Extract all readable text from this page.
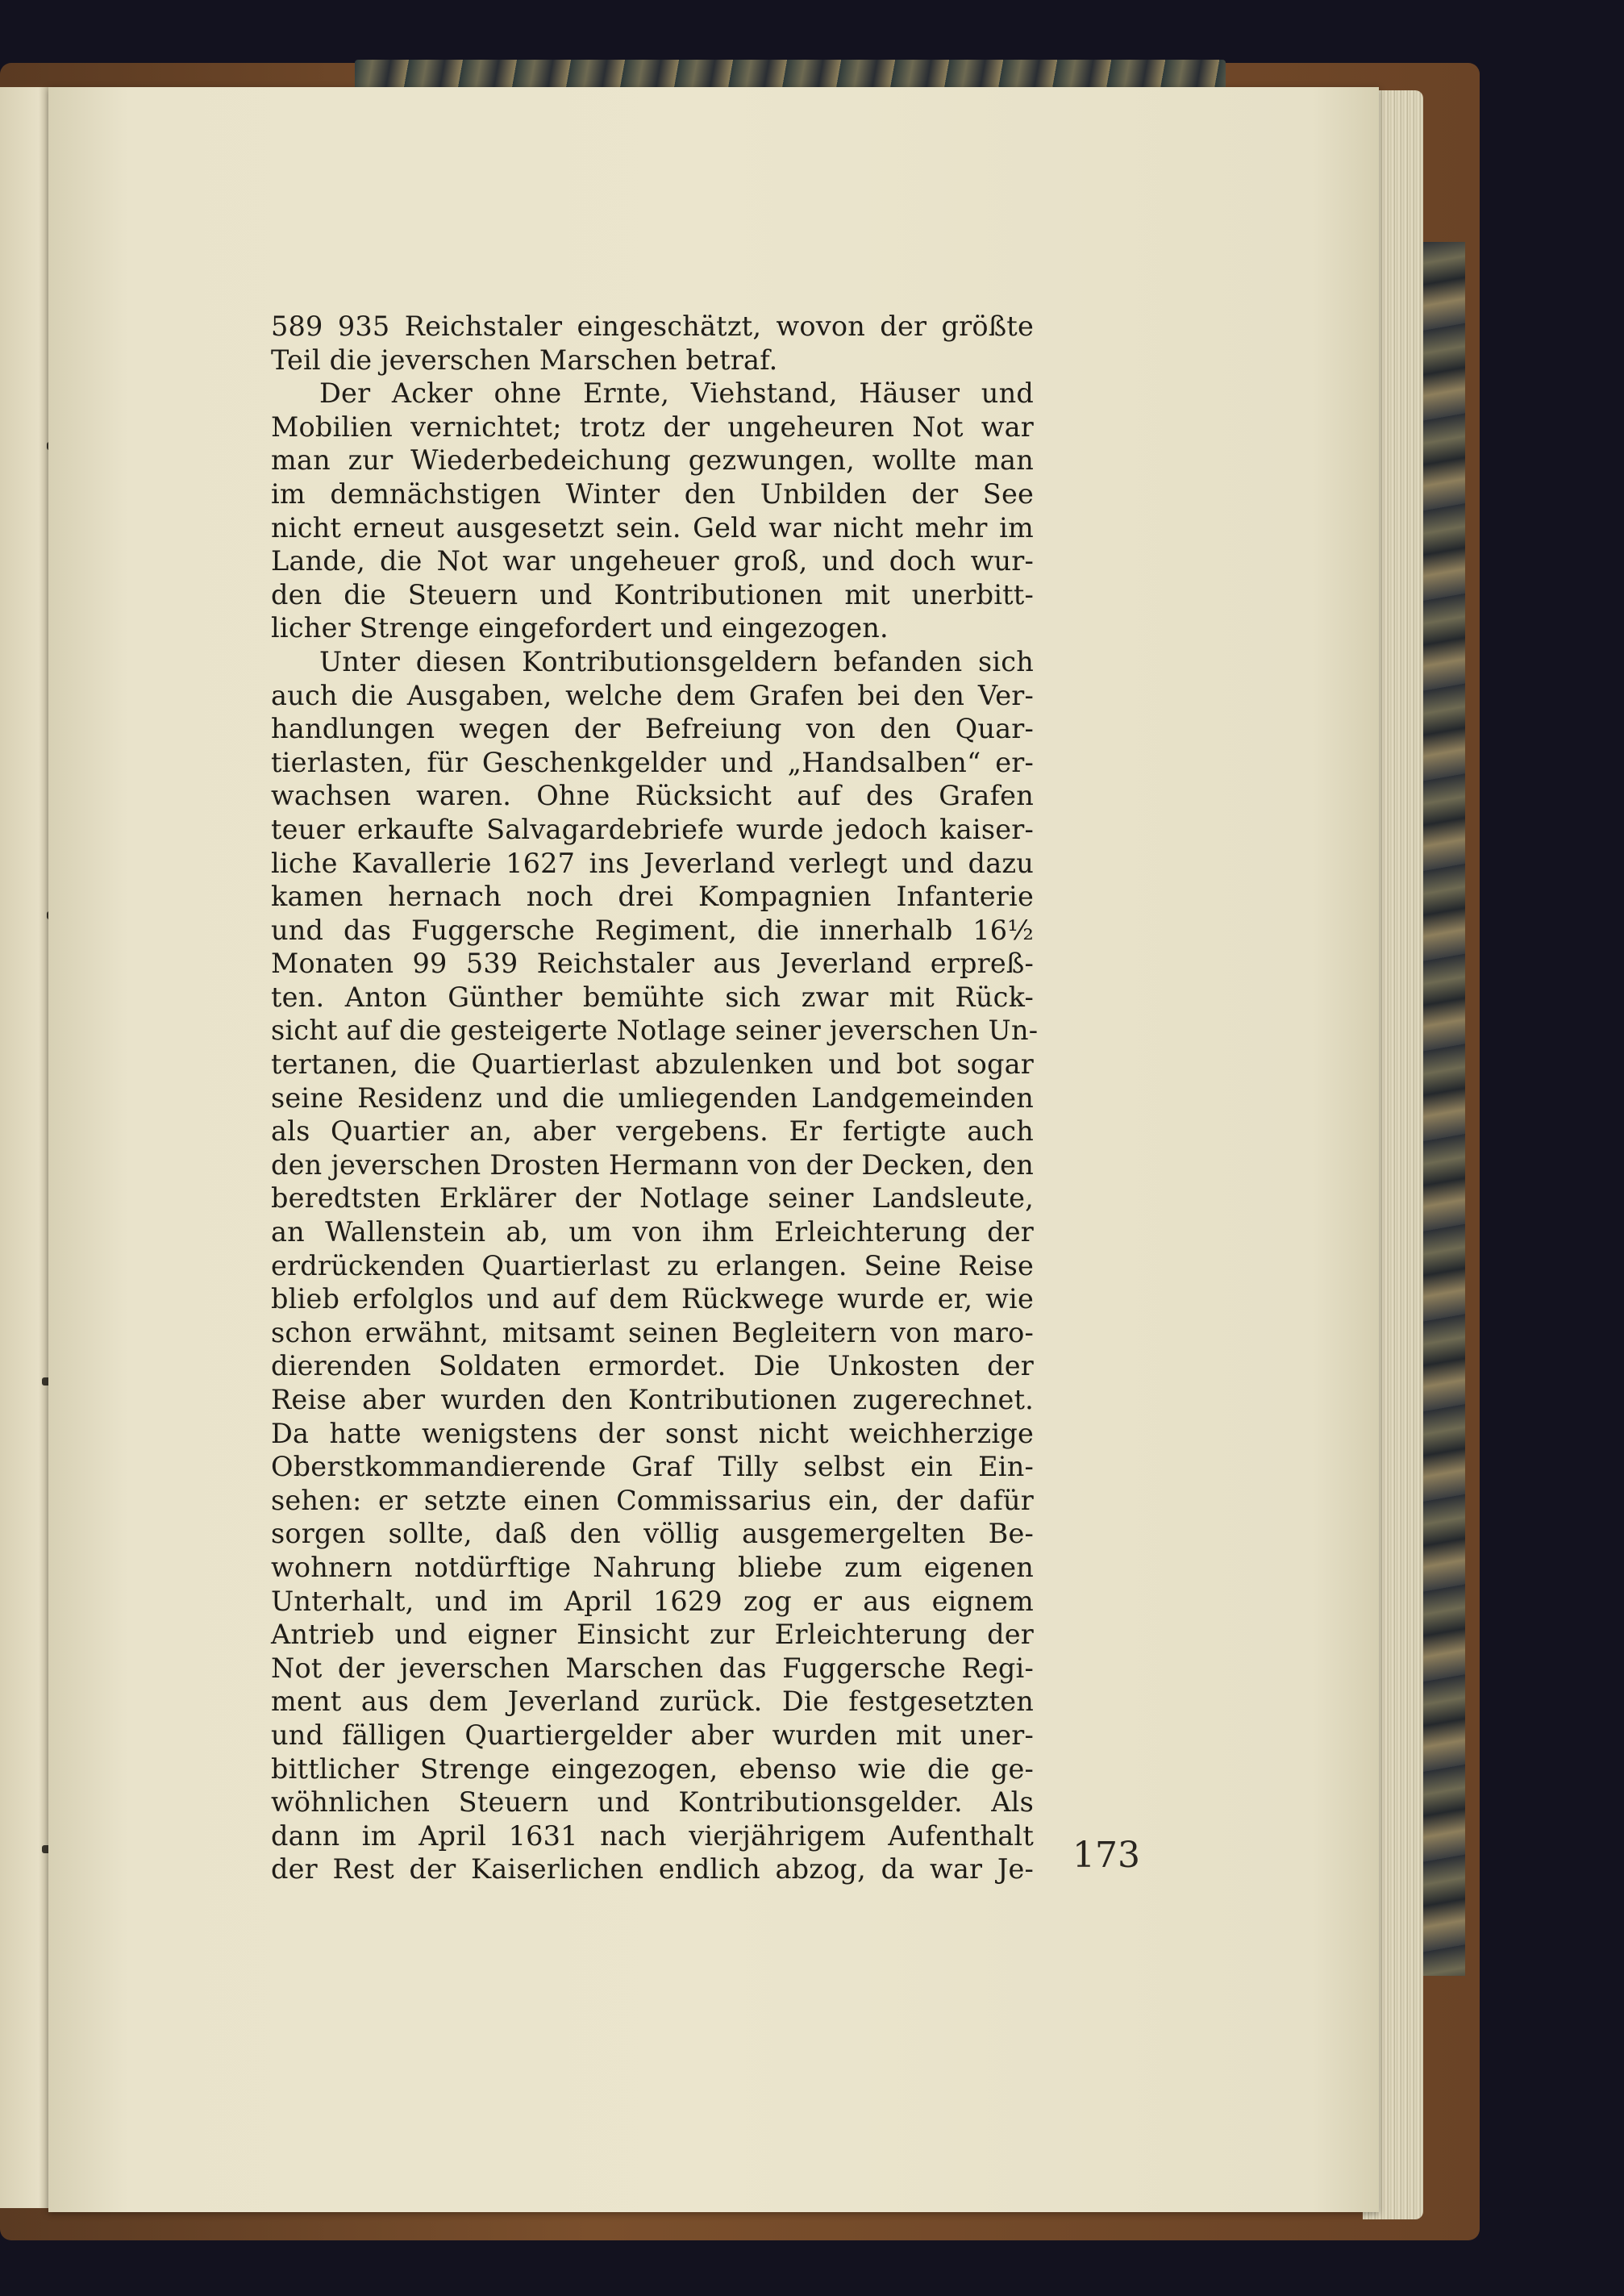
589 935 Reichstaler eingeschätzt, wovon der größte
Teil die jeverschen Marschen betraf.
Der Acker ohne Ernte, Viehstand, Häuser und
Mobilien vernichtet; trotz der ungeheuren Not war
man zur Wiederbedeichung gezwungen, wollte man
im demnächstigen Winter den Unbilden der See
nicht erneut ausgesetzt sein. Geld war nicht mehr im
Lande, die Not war ungeheuer groß, und doch wur-
den die Steuern und Kontributionen mit unerbitt-
licher Strenge eingefordert und eingezogen.
Unter diesen Kontributionsgeldern befanden sich
auch die Ausgaben, welche dem Grafen bei den Ver-
handlungen wegen der Befreiung von den Quar-
tierlasten, für Geschenkgelder und „Handsalben“ er-
wachsen waren. Ohne Rücksicht auf des Grafen
teuer erkaufte Salvagardebriefe wurde jedoch kaiser-
liche Kavallerie 1627 ins Jeverland verlegt und dazu
kamen hernach noch drei Kompagnien Infanterie
und das Fuggersche Regiment, die innerhalb 16½
Monaten 99 539 Reichstaler aus Jeverland erpreß-
ten. Anton Günther bemühte sich zwar mit Rück-
sicht auf die gesteigerte Notlage seiner jeverschen Un-
tertanen, die Quartierlast abzulenken und bot sogar
seine Residenz und die umliegenden Landgemeinden
als Quartier an, aber vergebens. Er fertigte auch
den jeverschen Drosten Hermann von der Decken, den
beredtsten Erklärer der Notlage seiner Landsleute,
an Wallenstein ab, um von ihm Erleichterung der
erdrückenden Quartierlast zu erlangen. Seine Reise
blieb erfolglos und auf dem Rückwege wurde er, wie
schon erwähnt, mitsamt seinen Begleitern von maro-
dierenden Soldaten ermordet. Die Unkosten der
Reise aber wurden den Kontributionen zugerechnet.
Da hatte wenigstens der sonst nicht weichherzige
Oberstkommandierende Graf Tilly selbst ein Ein-
sehen: er setzte einen Commissarius ein, der dafür
sorgen sollte, daß den völlig ausgemergelten Be-
wohnern notdürftige Nahrung bliebe zum eigenen
Unterhalt, und im April 1629 zog er aus eignem
Antrieb und eigner Einsicht zur Erleichterung der
Not der jeverschen Marschen das Fuggersche Regi-
ment aus dem Jeverland zurück. Die festgesetzten
und fälligen Quartiergelder aber wurden mit uner-
bittlicher Strenge eingezogen, ebenso wie die ge-
wöhnlichen Steuern und Kontributionsgelder. Als
dann im April 1631 nach vierjährigem Aufenthalt
der Rest der Kaiserlichen endlich abzog, da war Je- 173
